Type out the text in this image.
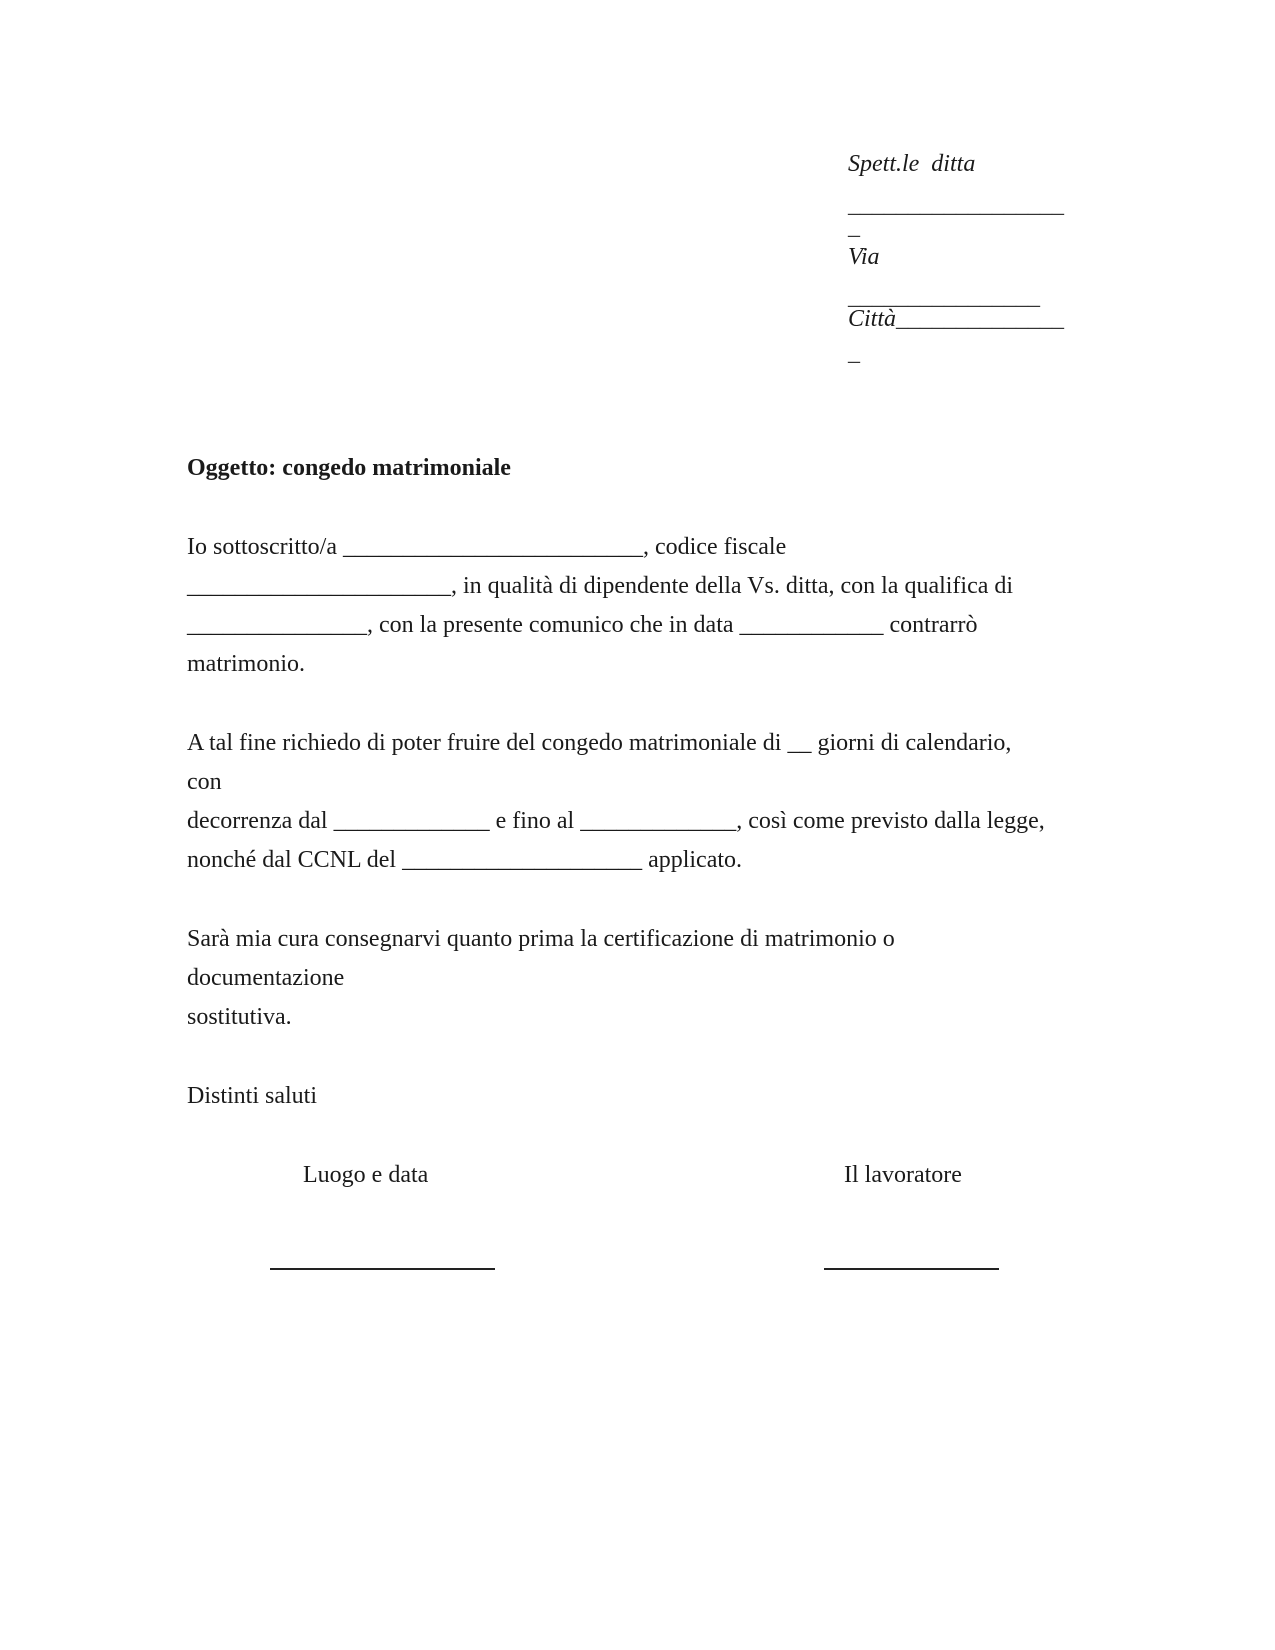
Spett.le  ditta
__________________
_
Via
________________
Città______________
_
Oggetto: congedo matrimoniale
Io sottoscritto/a _________________________, codice fiscale
______________________, in qualità di dipendente della Vs. ditta, con la qualifica di
_______________, con la presente comunico che in data ____________ contrarrò
matrimonio.
A tal fine richiedo di poter fruire del congedo matrimoniale di __ giorni di calendario,
con
decorrenza dal _____________ e fino al _____________, così come previsto dalla legge,
nonché dal CCNL del ____________________ applicato.
Sarà mia cura consegnarvi quanto prima la certificazione di matrimonio o
documentazione
sostitutiva.
Distinti saluti
Luogo e data	Il lavoratore
